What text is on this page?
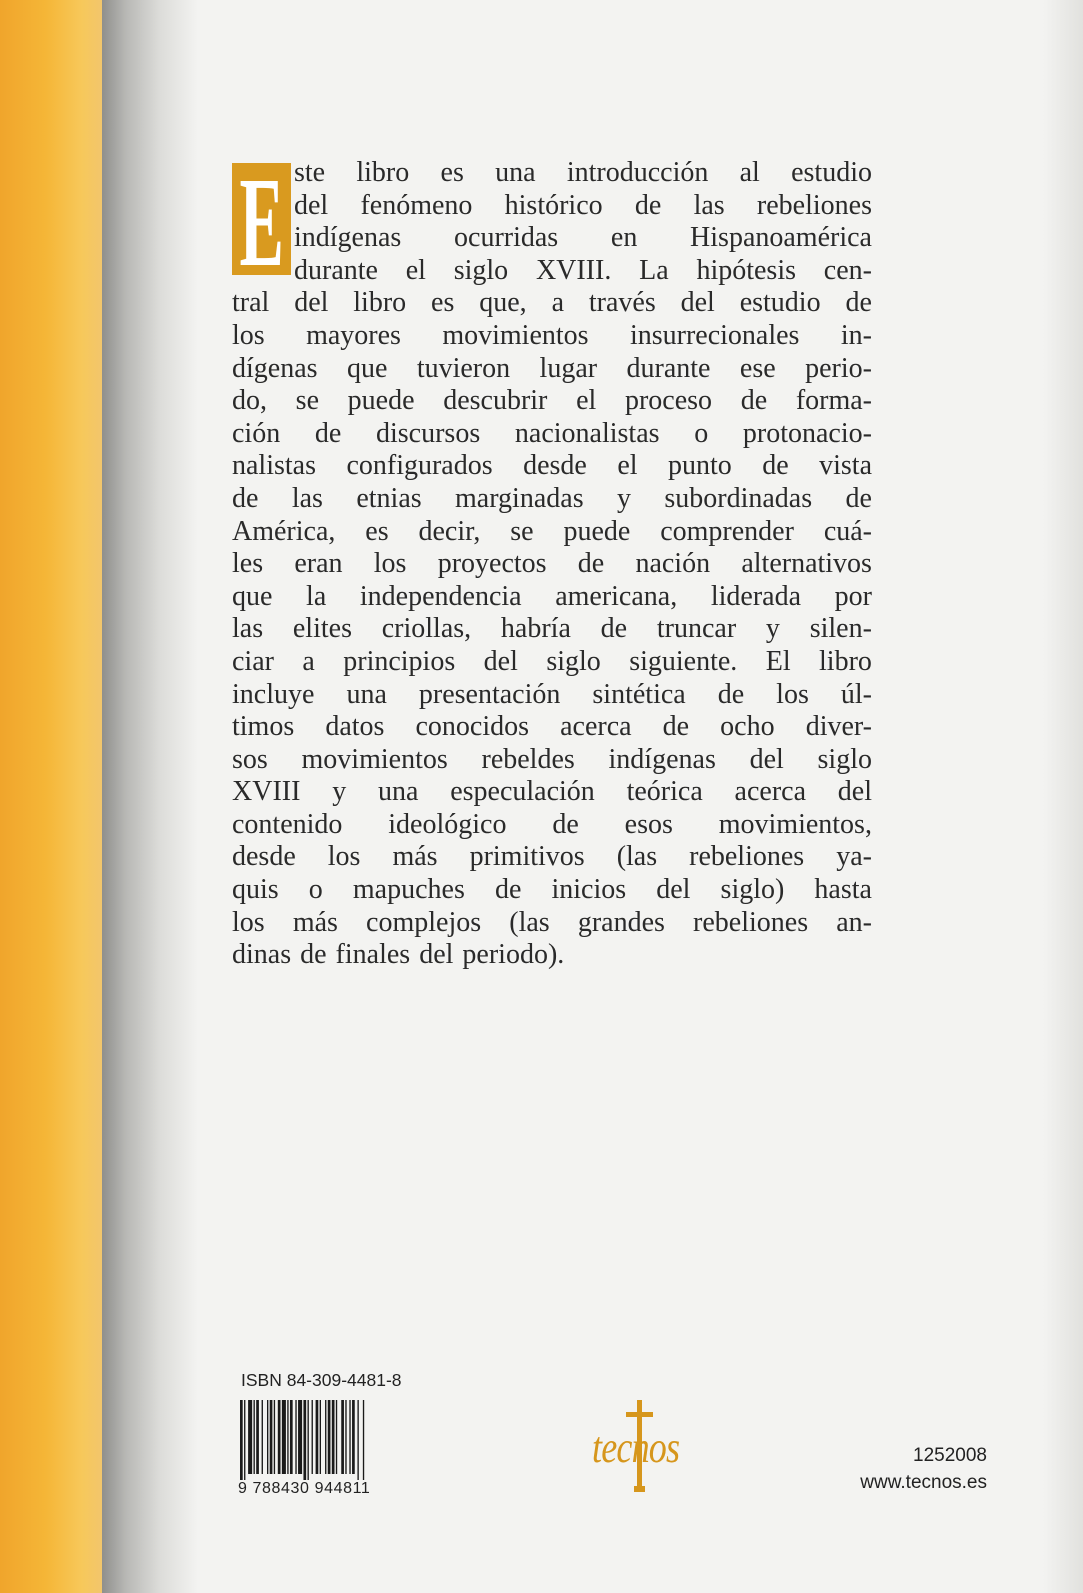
E ste libro es una introducción al estudio
del fenómeno histórico de las rebeliones
indígenas ocurridas en Hispanoamérica
durante el siglo XVIII. La hipótesis cen-
tral del libro es que, a través del estudio de
los mayores movimientos insurrecionales in-
dígenas que tuvieron lugar durante ese perio-
do, se puede descubrir el proceso de forma-
ción de discursos nacionalistas o protonacio-
nalistas configurados desde el punto de vista
de las etnias marginadas y subordinadas de
América, es decir, se puede comprender cuá-
les eran los proyectos de nación alternativos
que la independencia americana, liderada por
las elites criollas, habría de truncar y silen-
ciar a principios del siglo siguiente. El libro
incluye una presentación sintética de los úl-
timos datos conocidos acerca de ocho diver-
sos movimientos rebeldes indígenas del siglo
XVIII y una especulación teórica acerca del
contenido ideológico de esos movimientos,
desde los más primitivos (las rebeliones ya-
quis o mapuches de inicios del siglo) hasta
los más complejos (las grandes rebeliones an-
dinas de finales del periodo).
ISBN 84-309-4481-8
9 788430 944811
tecnos	1252008
www.tecnos.es
